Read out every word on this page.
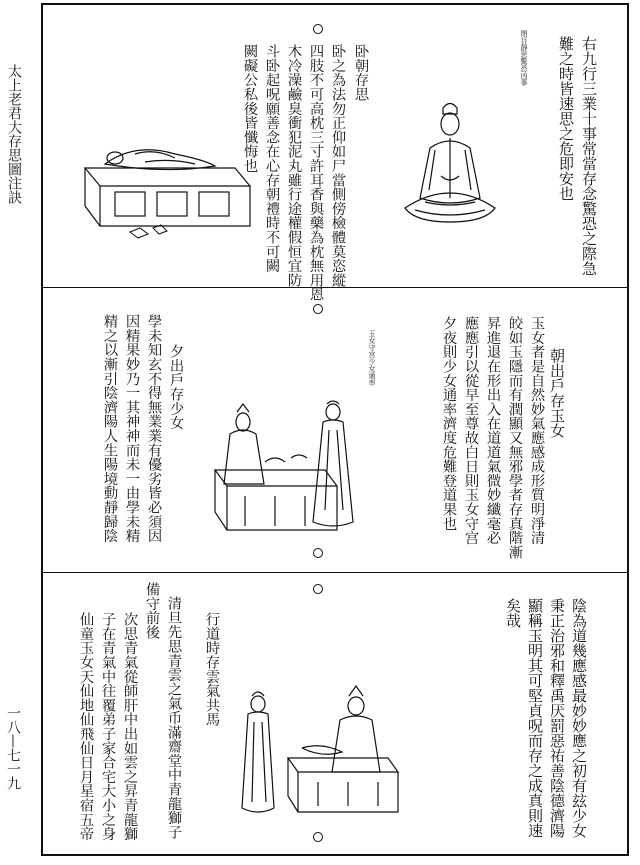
太上老君大存思圖注訣
一八—七一九
右九行三業十事常當存念驚恐之際急
難之時皆速思之危即安也
閉目靜思驚恐凶事
卧朝存思
卧之為法勿正仰如尸當側傍檢體莫恣縱
四肢不可高枕三寸許耳香與藥為枕無用恩
木冷澡鹼臭衝犯泥丸雖行途權假恒宜防
斗卧起呪願善念在心存朝禮時不可闕
闕礙公私後皆懺悔也
朝出戶存玉女
玉女者是自然妙氣應感成形質明淨清
皎如玉隱而有潤顯又無邪學者存真階漸
昇進退在形出入在道道氣微妙纖毫必
應應引以從早至尊故白日則玉女守宫
夕夜則少女通率濟度危難登道果也
玉女守宫少女通率
夕出戶存少女
學未知玄不得無業業有優劣皆必須因
因精果妙乃一其神神而未一由學未精
精之以漸引陰濟陽人生陽境動靜歸陰
陰為道幾應感最妙妙應之初有玆少女
秉正治邪和釋禹厌罰惡祐善陰德濟陽
顯稱玉明其可堅貞呪而存之成真則速
矣哉
行道時存雲氣共馬
清旦先思青雲之氣币滿齋堂中青龍獅子
備守前後
次思青氣從師肝中出如雲之昇青龍獅
子在青氣中往覆弟子家合宅大小之身
仙童玉女天仙地仙飛仙日月星宿五帝
